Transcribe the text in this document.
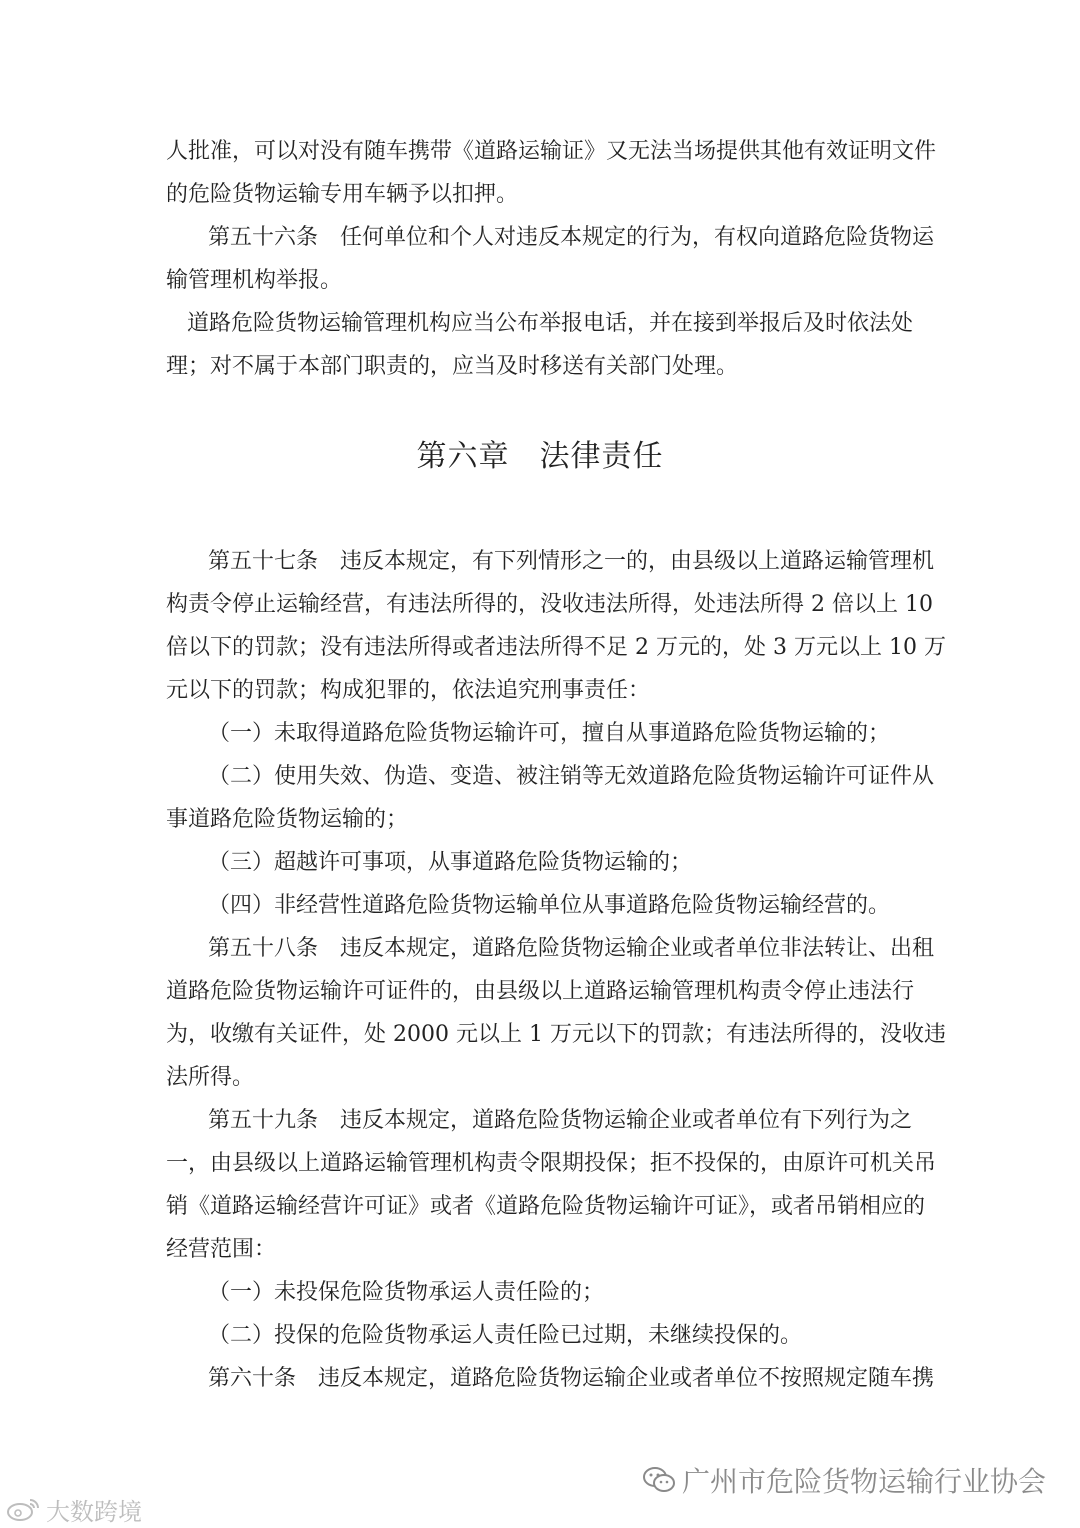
人批准，可以对没有随车携带《道路运输证》又无法当场提供其他有效证明文件
的危险货物运输专用车辆予以扣押。
第五十六条　任何单位和个人对违反本规定的行为，有权向道路危险货物运
输管理机构举报。
道路危险货物运输管理机构应当公布举报电话，并在接到举报后及时依法处
理；对不属于本部门职责的，应当及时移送有关部门处理。
第六章 法律责任
第五十七条　违反本规定，有下列情形之一的，由县级以上道路运输管理机
构责令停止运输经营，有违法所得的，没收违法所得，处违法所得 2 倍以上 10
倍以下的罚款；没有违法所得或者违法所得不足 2 万元的，处 3 万元以上 10 万
元以下的罚款；构成犯罪的，依法追究刑事责任：
（一）未取得道路危险货物运输许可，擅自从事道路危险货物运输的；
（二）使用失效、伪造、变造、被注销等无效道路危险货物运输许可证件从
事道路危险货物运输的；
（三）超越许可事项，从事道路危险货物运输的；
（四）非经营性道路危险货物运输单位从事道路危险货物运输经营的。
第五十八条　违反本规定，道路危险货物运输企业或者单位非法转让、出租
道路危险货物运输许可证件的，由县级以上道路运输管理机构责令停止违法行
为，收缴有关证件，处 2000 元以上 1 万元以下的罚款；有违法所得的，没收违
法所得。
第五十九条　违反本规定，道路危险货物运输企业或者单位有下列行为之
一，由县级以上道路运输管理机构责令限期投保；拒不投保的，由原许可机关吊
销《道路运输经营许可证》或者《道路危险货物运输许可证》，或者吊销相应的
经营范围：
（一）未投保危险货物承运人责任险的；
（二）投保的危险货物承运人责任险已过期，未继续投保的。
第六十条　违反本规定，道路危险货物运输企业或者单位不按照规定随车携
广州市危险货物运输行业协会
大数跨境
